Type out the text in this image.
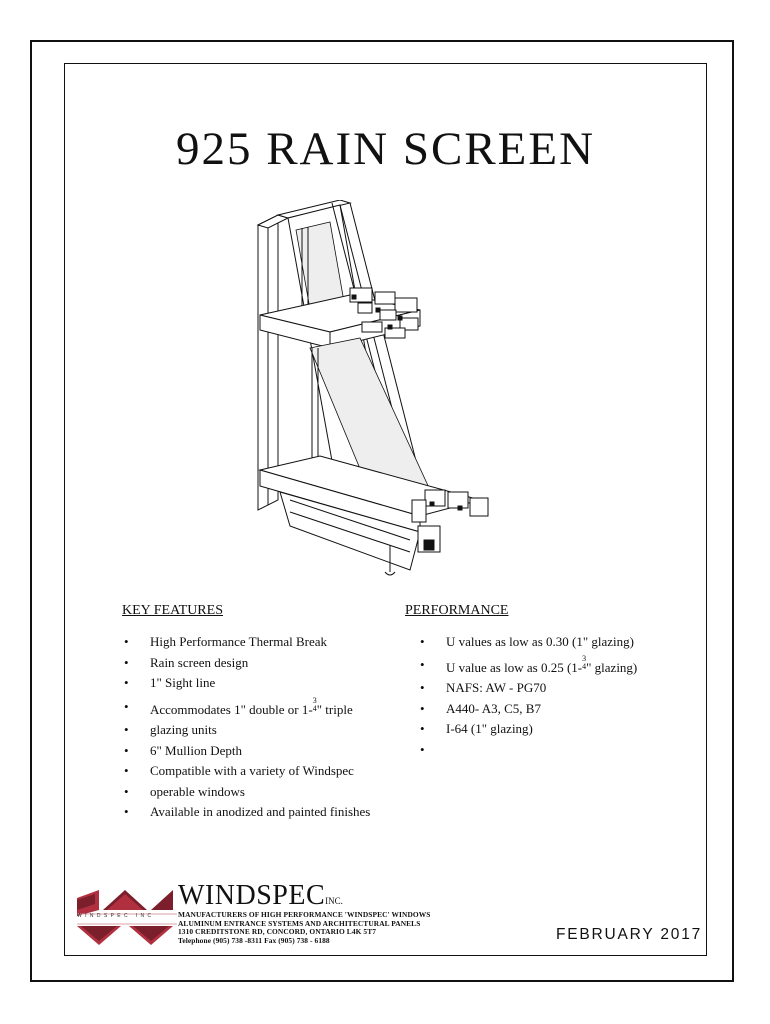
925 RAIN SCREEN
KEY FEATURES
• High Performance Thermal Break
• Rain screen design
• 1" Sight line
• Accommodates 1" double or 1-
3
4 " triple
• glazing units
• 6" Mullion Depth
• Compatible with a variety of Windspec
• operable windows
• Available in anodized and painted finishes
PERFORMANCE
• U values as low as 0.30 (1" glazing)
• U value as low as 0.25 (1-
3
4 " glazing)
• NAFS: AW - PG70
• A440- A3, C5, B7
• I-64 (1" glazing)
•
W I N D S P E C   I N C
WINDSPECINC.
MANUFACTURERS OF HIGH PERFORMANCE 'WINDSPEC' WINDOWS
ALUMINUM ENTRANCE SYSTEMS AND ARCHITECTURAL PANELS
1310 CREDITSTONE RD, CONCORD, ONTARIO L4K 5T7
Telephone (905) 738 -8311 Fax (905) 738 - 6188	FEBRUARY 2017
